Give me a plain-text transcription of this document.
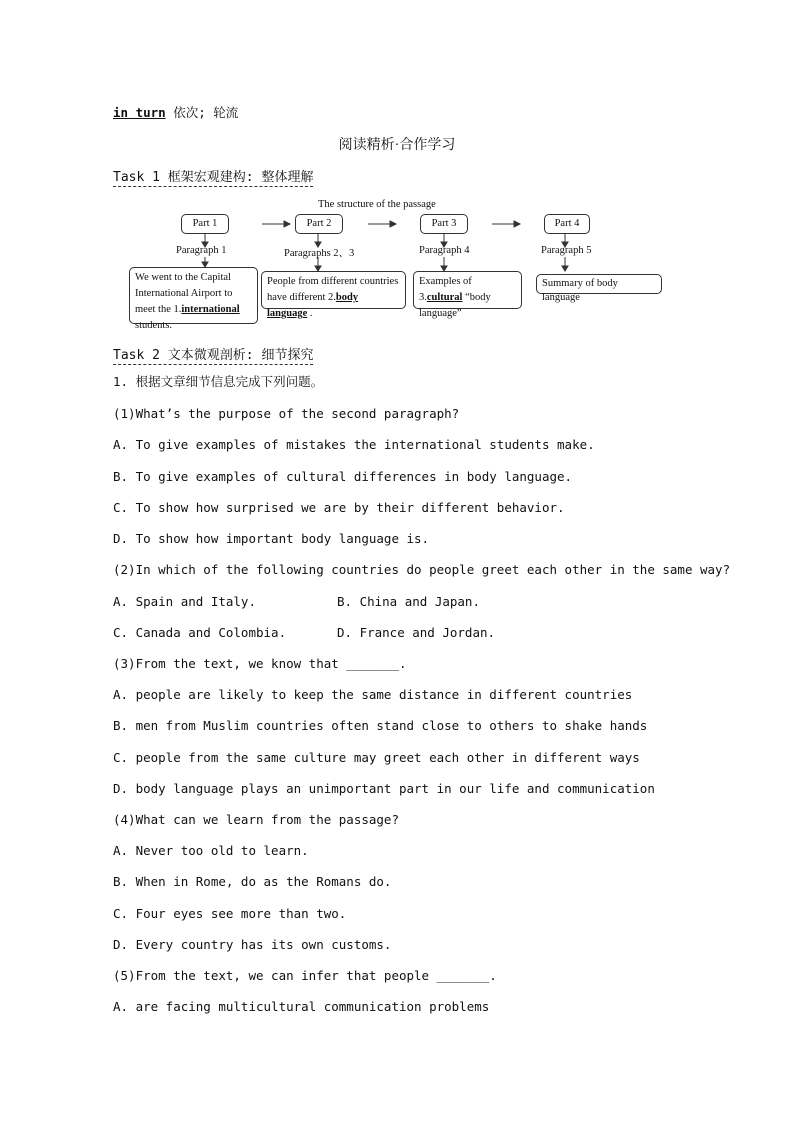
in turn 依次; 轮流
阅读精析·合作学习
Task 1 框架宏观建构: 整体理解
The structure of the passage
Part 1	Part 2	Part 3	Part 4
Paragraph 1	Paragraphs 2、3	Paragraph 4	Paragraph 5
We went to the Capital International Airport to meet the 1.international students.
People from different countries have different 2.body language .
Examples of 3.cultural “body language”
Summary of body language
Task 2 文本微观剖析: 细节探究
1. 根据文章细节信息完成下列问题。
(1)What’s the purpose of the second paragraph?
A. To give examples of mistakes the international students make.
B. To give examples of cultural differences in body language.
C. To show how surprised we are by their different behavior.
D. To show how important body language is.
(2)In which of the following countries do people greet each other in the same way?
A. Spain and Italy.	B. China and Japan.
C. Canada and Colombia.	D. France and Jordan.
(3)From the text, we know that _______.
A. people are likely to keep the same distance in different countries
B. men from Muslim countries often stand close to others to shake hands
C. people from the same culture may greet each other in different ways
D. body language plays an unimportant part in our life and communication
(4)What can we learn from the passage?
A. Never too old to learn.
B. When in Rome, do as the Romans do.
C. Four eyes see more than two.
D. Every country has its own customs.
(5)From the text, we can infer that people _______.
A. are facing multicultural communication problems
